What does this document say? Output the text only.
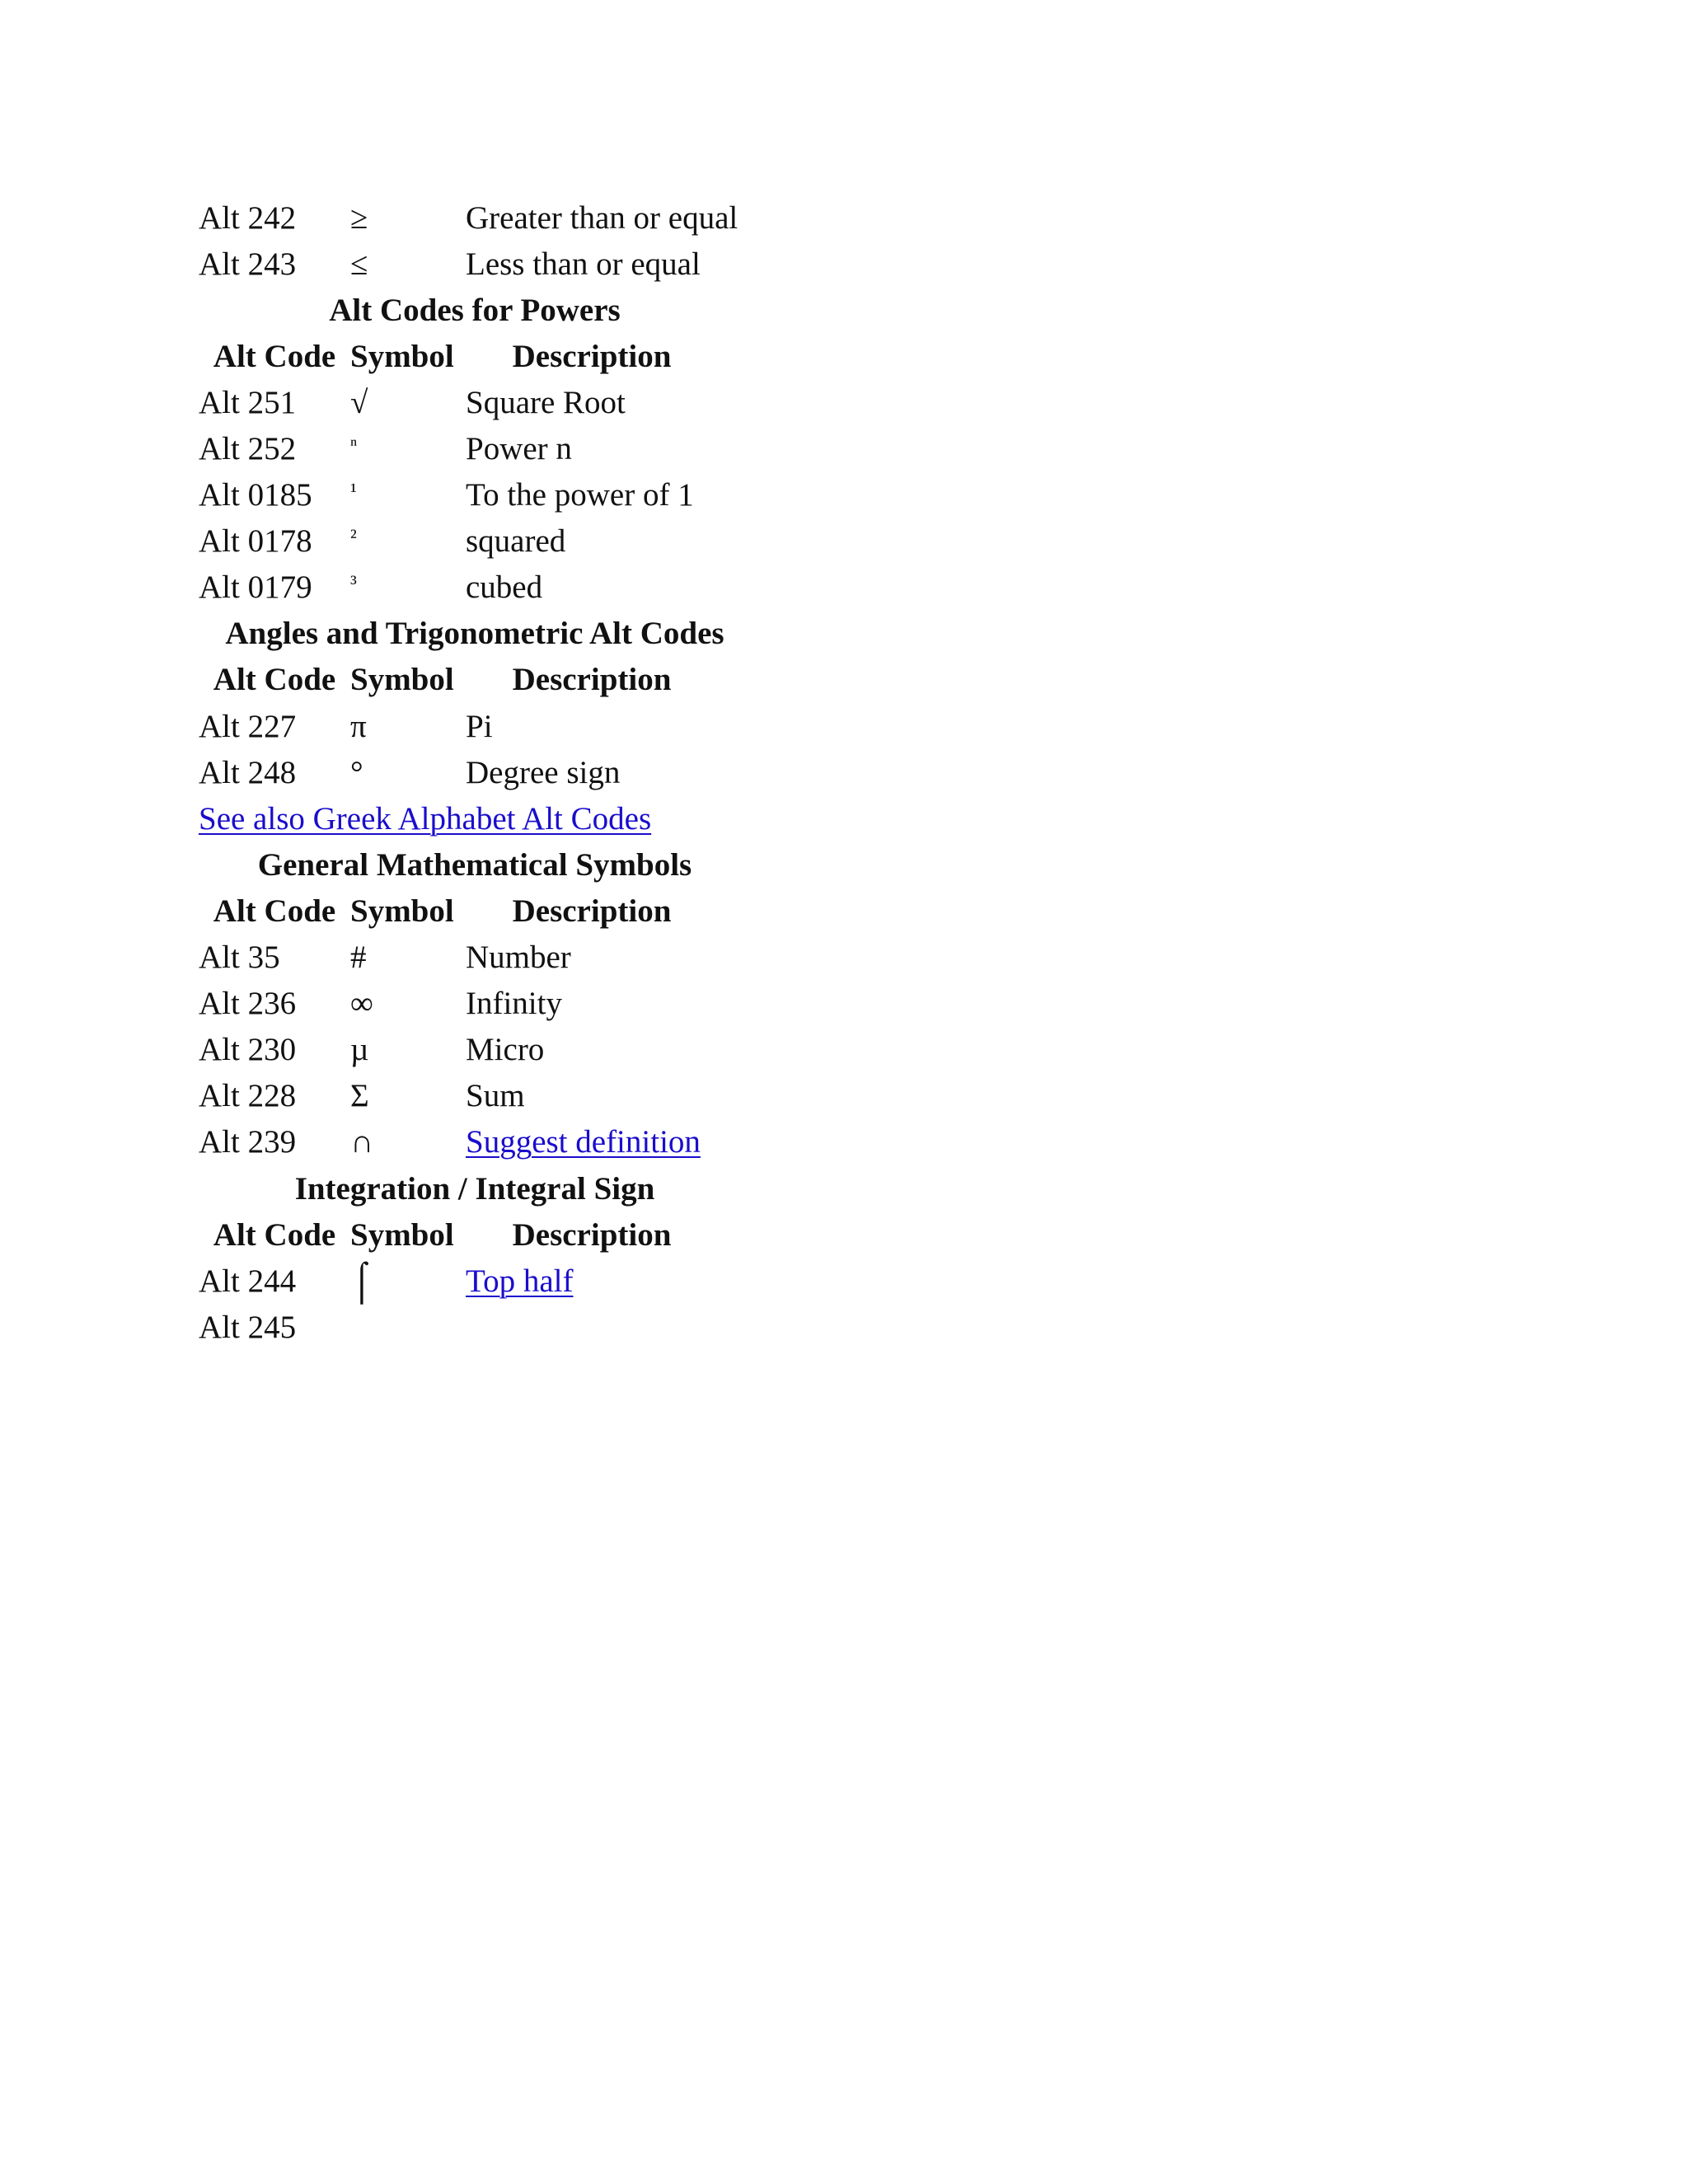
Alt 242	≥	Greater than or equal
Alt 243	≤	Less than or equal
Alt Codes for Powers
Alt Code Symbol	Description
Alt 251	√	Square Root
Alt 252	$^{^n}$	Power n
Alt 0185	$^{^1}$	To the power of 1
Alt 0178	$^{^2}$	squared
Alt 0179	$^{^3}$	cubed
Angles and Trigonometric Alt Codes
Alt Code Symbol	Description
Alt 227	π	Pi
Alt 248	°	Degree sign
See also Greek Alphabet Alt Codes
General Mathematical Symbols
Alt Code Symbol	Description
Alt 35	#	Number
Alt 236	∞	Infinity
Alt 230	µ	Micro
Alt 228	Σ	Sum
Alt 239	∩	Suggest definition
Integration / Integral Sign
Alt Code Symbol	Description
Alt 244	⌠	Top half
Alt 245
